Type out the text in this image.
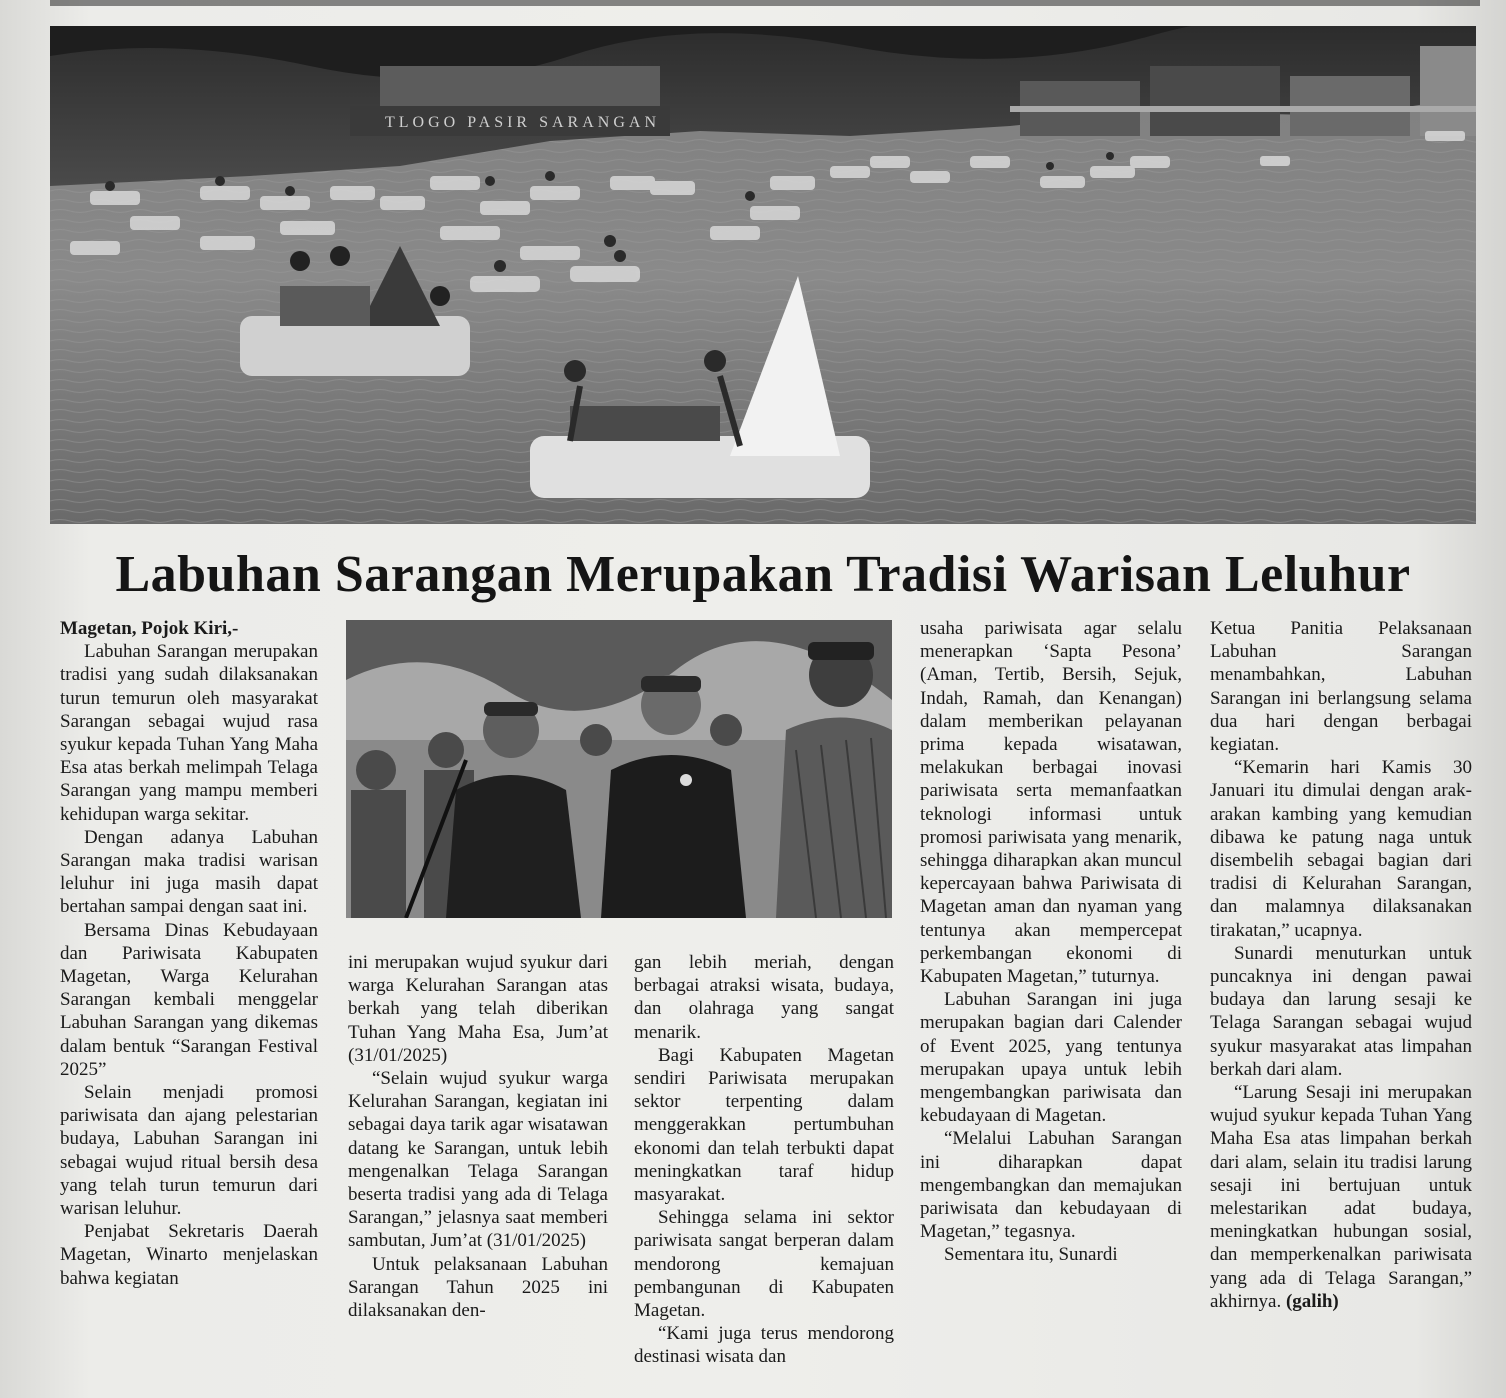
TLOGO PASIR SARANGAN
Labuhan Sarangan Merupakan Tradisi Warisan Leluhur

Magetan, Pojok Kiri,-

Labuhan Sarangan merupakan tradisi yang sudah dilaksanakan turun temurun oleh masyarakat Sarangan sebagai wujud rasa syukur kepada Tuhan Yang Maha Esa atas berkah melimpah Telaga Sarangan yang mampu memberi kehidupan warga sekitar.

Dengan adanya Labuhan Sarangan maka tradisi warisan leluhur ini juga masih dapat bertahan sampai dengan saat ini.

Bersama Dinas Kebudayaan dan Pariwisata Kabupaten Magetan, Warga Kelurahan Sarangan kembali menggelar Labuhan Sarangan yang dikemas dalam bentuk “Sarangan Festival 2025”

Selain menjadi promosi pariwisata dan ajang pelestarian budaya, Labuhan Sarangan ini sebagai wujud ritual bersih desa yang telah turun temurun dari warisan leluhur.

Penjabat Sekretaris Daerah Magetan, Winarto menjelaskan bahwa kegiatan

ini merupakan wujud syukur dari warga Kelurahan Sarangan atas berkah yang telah diberikan Tuhan Yang Maha Esa, Jum’at (31/01/2025)

“Selain wujud syukur warga Kelurahan Sarangan, kegiatan ini sebagai daya tarik agar wisatawan datang ke Sarangan, untuk lebih mengenalkan Telaga Sarangan beserta tradisi yang ada di Telaga Sarangan,” jelasnya saat memberi sambutan, Jum’at (31/01/2025)

Untuk pelaksanaan Labuhan Sarangan Tahun 2025 ini dilaksanakan den-

gan lebih meriah, dengan berbagai atraksi wisata, budaya, dan olahraga yang sangat menarik.

Bagi Kabupaten Magetan sendiri Pariwisata merupakan sektor terpenting dalam menggerakkan pertumbuhan ekonomi dan telah terbukti dapat meningkatkan taraf hidup masyarakat.

Sehingga selama ini sektor pariwisata sangat berperan dalam mendorong kemajuan pembangunan di Kabupaten Magetan.

“Kami juga terus mendorong destinasi wisata dan

usaha pariwisata agar selalu menerapkan ‘Sapta Pesona’ (Aman, Tertib, Bersih, Sejuk, Indah, Ramah, dan Kenangan) dalam memberikan pelayanan prima kepada wisatawan, melakukan berbagai inovasi pariwisata serta memanfaatkan teknologi informasi untuk promosi pariwisata yang menarik, sehingga diharapkan akan muncul kepercayaan bahwa Pariwisata di Magetan aman dan nyaman yang tentunya akan mempercepat perkembangan ekonomi di Kabupaten Magetan,” tuturnya.

Labuhan Sarangan ini juga merupakan bagian dari Calender of Event 2025, yang tentunya merupakan upaya untuk lebih mengembangkan pariwisata dan kebudayaan di Magetan.

“Melalui Labuhan Sarangan ini diharapkan dapat mengembangkan dan memajukan pariwisata dan kebudayaan di Magetan,” tegasnya.

Sementara itu, Sunardi

Ketua Panitia Pelaksanaan Labuhan Sarangan menambahkan, Labuhan Sarangan ini berlangsung selama dua hari dengan berbagai kegiatan.

“Kemarin hari Kamis 30 Januari itu dimulai dengan arak-arakan kambing yang kemudian dibawa ke patung naga untuk disembelih sebagai bagian dari tradisi di Kelurahan Sarangan, dan malamnya dilaksanakan tirakatan,” ucapnya.

Sunardi menuturkan untuk puncaknya ini dengan pawai budaya dan larung sesaji ke Telaga Sarangan sebagai wujud syukur masyarakat atas limpahan berkah dari alam.

“Larung Sesaji ini merupakan wujud syukur kepada Tuhan Yang Maha Esa atas limpahan berkah dari alam, selain itu tradisi larung sesaji ini bertujuan untuk melestarikan adat budaya, meningkatkan hubungan sosial, dan memperkenalkan pariwisata yang ada di Telaga Sarangan,” akhirnya. (galih)
